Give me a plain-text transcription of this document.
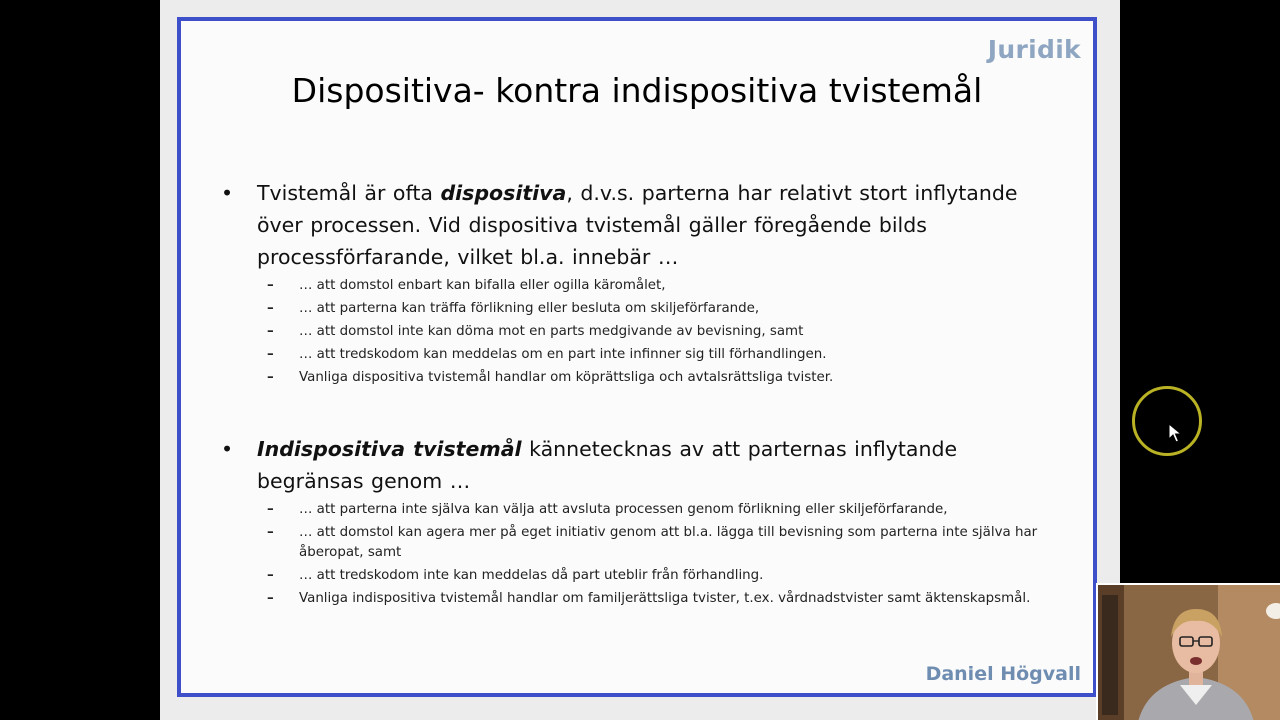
Juridik
Dispositiva- kontra indispositiva tvistemål
• Tvistemål är ofta dispositiva, d.v.s. parterna har relativt stort inflytande över processen. Vid dispositiva tvistemål gäller föregående bilds processförfarande, vilket bl.a. innebär …
– … att domstol enbart kan bifalla eller ogilla käromålet,
– … att parterna kan träffa förlikning eller besluta om skiljeförfarande,
– … att domstol inte kan döma mot en parts medgivande av bevisning, samt
– … att tredskodom kan meddelas om en part inte infinner sig till förhandlingen.
– Vanliga dispositiva tvistemål handlar om köprättsliga och avtalsrättsliga tvister.
• Indispositiva tvistemål kännetecknas av att parternas inflytande begränsas genom …
– … att parterna inte själva kan välja att avsluta processen genom förlikning eller skiljeförfarande,
– … att domstol kan agera mer på eget initiativ genom att bl.a. lägga till bevisning som parterna inte själva har åberopat, samt
– … att tredskodom inte kan meddelas då part uteblir från förhandling.
– Vanliga indispositiva tvistemål handlar om familjerättsliga tvister, t.ex. vårdnadstvister samt äktenskapsmål.
Daniel Högvall
